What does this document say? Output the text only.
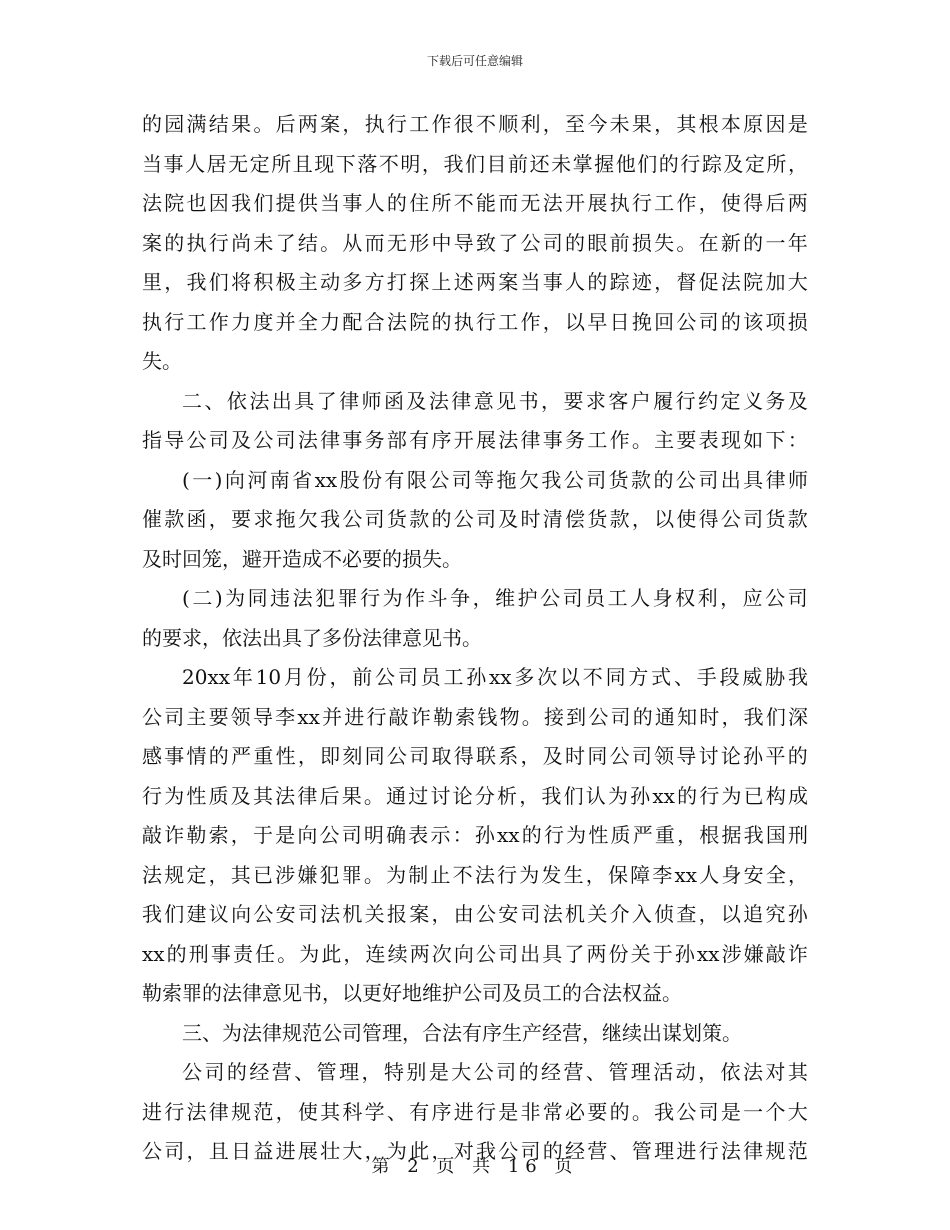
下载后可任意编辑
的 园 满 结 果 。 后 两 案 ， 执 行 工 作 很 不 顺 利 ， 至 今 未 果 ， 其 根 本 原 因 是
当 事 人 居 无 定 所 且 现 下 落 不 明 ， 我 们 目 前 还 未 掌 握 他 们 的 行 踪 及 定 所 ，
法 院 也 因 我 们 提 供 当 事 人 的 住 所 不 能 而 无 法 开 展 执 行 工 作 ， 使 得 后 两
案 的 执 行 尚 未 了 结 。 从 而 无 形 中 导 致 了 公 司 的 眼 前 损 失 。 在 新 的 一 年
里 ， 我 们 将 积 极 主 动 多 方 打 探 上 述 两 案 当 事 人 的 踪 迹 ， 督 促 法 院 加 大
执 行 工 作 力 度 并 全 力 配 合 法 院 的 执 行 工 作 ， 以 早 日 挽 回 公 司 的 该 项 损
失。
二 、 依 法 出 具 了 律 师 函 及 法 律 意 见 书 ， 要 求 客 户 履 行 约 定 义 务 及
指 导 公 司 及 公 司 法 律 事 务 部 有 序 开 展 法 律 事 务 工 作 。 主 要 表 现 如 下 ：
( 一 ) 向 河 南 省 xx 股 份 有 限 公 司 等 拖 欠 我 公 司 货 款 的 公 司 出 具 律 师
催 款 函 ， 要 求 拖 欠 我 公 司 货 款 的 公 司 及 时 清 偿 货 款 ， 以 使 得 公 司 货 款
及时回笼，避开造成不必要的损失。
( 二 ) 为 同 违 法 犯 罪 行 为 作 斗 争 ， 维 护 公 司 员 工 人 身 权 利 ， 应 公 司
的要求，依法出具了多份法律意见书。
20xx 年 10 月 份 ， 前 公 司 员 工 孙 xx 多 次 以 不 同 方 式 、 手 段 威 胁 我
公 司 主 要 领 导 李 xx 并 进 行 敲 诈 勒 索 钱 物 。 接 到 公 司 的 通 知 时 ， 我 们 深
感 事 情 的 严 重 性 ， 即 刻 同 公 司 取 得 联 系 ， 及 时 同 公 司 领 导 讨 论 孙 平 的
行 为 性 质 及 其 法 律 后 果 。 通 过 讨 论 分 析 ， 我 们 认 为 孙 xx 的 行 为 已 构 成
敲 诈 勒 索 ， 于 是 向 公 司 明 确 表 示 ： 孙 xx 的 行 为 性 质 严 重 ， 根 据 我 国 刑
法 规 定 ， 其 已 涉 嫌 犯 罪 。 为 制 止 不 法 行 为 发 生 ， 保 障 李 xx 人 身 安 全 ，
我 们 建 议 向 公 安 司 法 机 关 报 案 ， 由 公 安 司 法 机 关 介 入 侦 查 ， 以 追 究 孙
xx 的 刑 事 责 任 。 为 此 ， 连 续 两 次 向 公 司 出 具 了 两 份 关 于 孙 xx 涉 嫌 敲 诈
勒索罪的法律意见书，以更好地维护公司及员工的合法权益。
三、为法律规范公司管理，合法有序生产经营，继续出谋划策。
公 司 的 经 营 、 管 理 ， 特 别 是 大 公 司 的 经 营 、 管 理 活 动 ， 依 法 对 其
进 行 法 律 规 范 ， 使 其 科 学 、 有 序 进 行 是 非 常 必 要 的 。 我 公 司 是 一 个 大
公 司 ， 且 日 益 进 展 壮 大 ， 为 此 ， 对 我 公 司 的 经 营 、 管 理 进 行 法 律 规 范
第 2 页 共 16 页
